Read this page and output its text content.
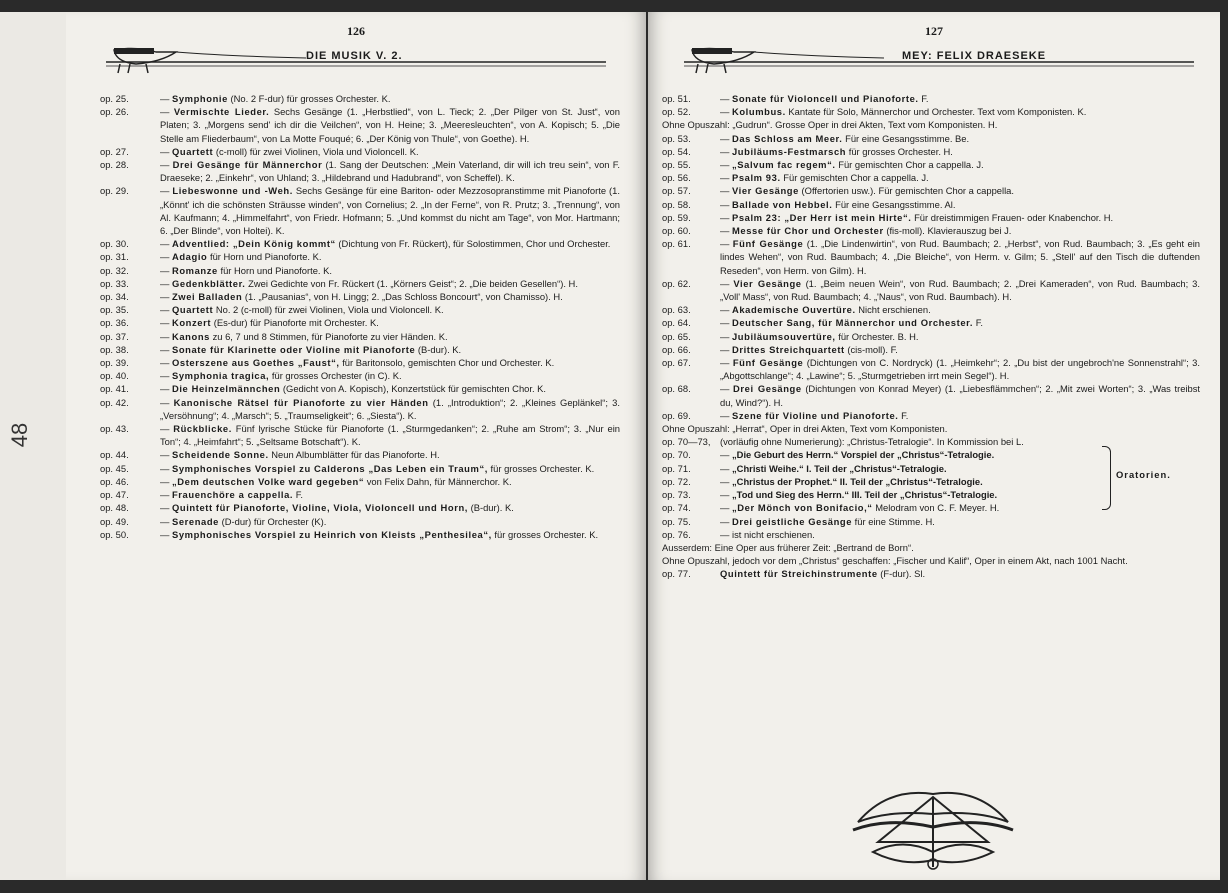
48
126
DIE MUSIK V. 2.
op. 25.	— Symphonie (No. 2 F-dur) für grosses Orchester. K.
op. 26.	— Vermischte Lieder. Sechs Gesänge (1. „Herbstlied“, von L. Tieck; 2. „Der Pilger von St. Just“, von Platen; 3. „Morgens send' ich dir die Veilchen“, von H. Heine; 3. „Meeresleuchten“, von A. Kopisch; 5. „Die Stelle am Fliederbaum“, von La Motte Fouqué; 6. „Der König von Thule“, von Goethe). H.
op. 27.	— Quartett (c-moll) für zwei Violinen, Viola und Violoncell. K.
op. 28.	— Drei Gesänge für Männerchor (1. Sang der Deutschen: „Mein Vaterland, dir will ich treu sein“, von F. Draeseke; 2. „Einkehr“, von Uhland; 3. „Hildebrand und Hadubrand“, von Scheffel). K.
op. 29.	— Liebeswonne und -Weh. Sechs Gesänge für eine Bariton- oder Mezzosopranstimme mit Pianoforte (1. „Könnt' ich die schönsten Sträusse winden“, von Cornelius; 2. „In der Ferne“, von R. Prutz; 3. „Trennung“, von Al. Kaufmann; 4. „Himmelfahrt“, von Friedr. Hofmann; 5. „Und kommst du nicht am Tage“, von Mor. Hartmann; 6. „Der Blinde“, von Holtei). K.
op. 30.	— Adventlied: „Dein König kommt“ (Dichtung von Fr. Rückert), für Solostimmen, Chor und Orchester.
op. 31.	— Adagio für Horn und Pianoforte. K.
op. 32.	— Romanze für Horn und Pianoforte. K.
op. 33.	— Gedenkblätter. Zwei Gedichte von Fr. Rückert (1. „Körners Geist“; 2. „Die beiden Gesellen“). H.
op. 34.	— Zwei Balladen (1. „Pausanias“, von H. Lingg; 2. „Das Schloss Boncourt“, von Chamisso). H.
op. 35.	— Quartett No. 2 (c-moll) für zwei Violinen, Viola und Violoncell. K.
op. 36.	— Konzert (Es-dur) für Pianoforte mit Orchester. K.
op. 37.	— Kanons zu 6, 7 und 8 Stimmen, für Pianoforte zu vier Händen. K.
op. 38.	— Sonate für Klarinette oder Violine mit Pianoforte (B-dur). K.
op. 39.	— Osterszene aus Goethes „Faust“, für Baritonsolo, gemischten Chor und Orchester. K.
op. 40.	— Symphonia tragica, für grosses Orchester (in C). K.
op. 41.	— Die Heinzelmännchen (Gedicht von A. Kopisch), Konzertstück für gemischten Chor. K.
op. 42.	— Kanonische Rätsel für Pianoforte zu vier Händen (1. „Introduktion“; 2. „Kleines Geplänkel“; 3. „Versöhnung“; 4. „Marsch“; 5. „Traumseligkeit“; 6. „Siesta“). K.
op. 43.	— Rückblicke. Fünf lyrische Stücke für Pianoforte (1. „Sturmgedanken“; 2. „Ruhe am Strom“; 3. „Nur ein Ton“; 4. „Heimfahrt“; 5. „Seltsame Botschaft“). K.
op. 44.	— Scheidende Sonne. Neun Albumblätter für das Pianoforte. H.
op. 45.	— Symphonisches Vorspiel zu Calderons „Das Leben ein Traum“, für grosses Orchester. K.
op. 46.	— „Dem deutschen Volke ward gegeben“ von Felix Dahn, für Männerchor. K.
op. 47.	— Frauenchöre a cappella. F.
op. 48.	— Quintett für Pianoforte, Violine, Viola, Violoncell und Horn, (B-dur). K.
op. 49.	— Serenade (D-dur) für Orchester (K).
op. 50.	— Symphonisches Vorspiel zu Heinrich von Kleists „Penthesilea“, für grosses Orchester. K.
127
MEY: FELIX DRAESEKE
op. 51.	— Sonate für Violoncell und Pianoforte. F.
op. 52.	— Kolumbus. Kantate für Solo, Männerchor und Orchester. Text vom Komponisten. K.
Ohne Opuszahl: „Gudrun“. Grosse Oper in drei Akten, Text vom Komponisten. H.
op. 53.	— Das Schloss am Meer. Für eine Gesangsstimme. Be.
op. 54.	— Jubiläums-Festmarsch für grosses Orchester. H.
op. 55.	— „Salvum fac regem“. Für gemischten Chor a cappella. J.
op. 56.	— Psalm 93. Für gemischten Chor a cappella. J.
op. 57.	— Vier Gesänge (Offertorien usw.). Für gemischten Chor a cappella.
op. 58.	— Ballade von Hebbel. Für eine Gesangsstimme. Al.
op. 59.	— Psalm 23: „Der Herr ist mein Hirte“. Für dreistimmigen Frauen- oder Knabenchor. H.
op. 60.	— Messe für Chor und Orchester (fis-moll). Klavierauszug bei J.
op. 61.	— Fünf Gesänge (1. „Die Lindenwirtin“, von Rud. Baumbach; 2. „Herbst“, von Rud. Baumbach; 3. „Es geht ein lindes Wehen“, von Rud. Baumbach; 4. „Die Bleiche“, von Herm. v. Gilm; 5. „Stell' auf den Tisch die duftenden Reseden“, von Herm. von Gilm). H.
op. 62.	— Vier Gesänge (1. „Beim neuen Wein“, von Rud. Baumbach; 2. „Drei Kameraden“, von Rud. Baumbach; 3. „Voll' Mass“, von Rud. Baumbach; 4. „'Naus“, von Rud. Baumbach). H.
op. 63.	— Akademische Ouvertüre. Nicht erschienen.
op. 64.	— Deutscher Sang, für Männerchor und Orchester. F.
op. 65.	— Jubiläumsouvertüre, für Orchester. B. H.
op. 66.	— Drittes Streichquartett (cis-moll). F.
op. 67.	— Fünf Gesänge (Dichtungen von C. Nordryck) (1. „Heimkehr“; 2. „Du bist der ungebroch'ne Sonnenstrahl“; 3. „Abgottschlange“; 4. „Lawine“; 5. „Sturmgetrieben irrt mein Segel“). H.
op. 68.	— Drei Gesänge (Dichtungen von Konrad Meyer) (1. „Liebesflämmchen“; 2. „Mit zwei Worten“; 3. „Was treibst du, Wind?“). H.
op. 69.	— Szene für Violine und Pianoforte. F.
Ohne Opuszahl: „Herrat“, Oper in drei Akten, Text vom Komponisten.
op. 70—73,	(vorläufig ohne Numerierung): „Christus-Tetralogie“. In Kommission bei L.
Oratorien.
op. 70.	— „Die Geburt des Herrn.“ Vorspiel der „Christus“-Tetralogie.
op. 71.	— „Christi Weihe.“ I. Teil der „Christus“-Tetralogie.
op. 72.	— „Christus der Prophet.“ II. Teil der „Christus“-Tetralogie.
op. 73.	— „Tod und Sieg des Herrn.“ III. Teil der „Christus“-Tetralogie.
op. 74.	— „Der Mönch von Bonifacio,“ Melodram von C. F. Meyer. H.
op. 75.	— Drei geistliche Gesänge für eine Stimme. H.
op. 76.	— ist nicht erschienen.
Ausserdem: Eine Oper aus früherer Zeit: „Bertrand de Born“.
Ohne Opuszahl, jedoch vor dem „Christus“ geschaffen: „Fischer und Kalif“, Oper in einem Akt, nach 1001 Nacht.
op. 77.	Quintett für Streichinstrumente (F-dur). Sl.
